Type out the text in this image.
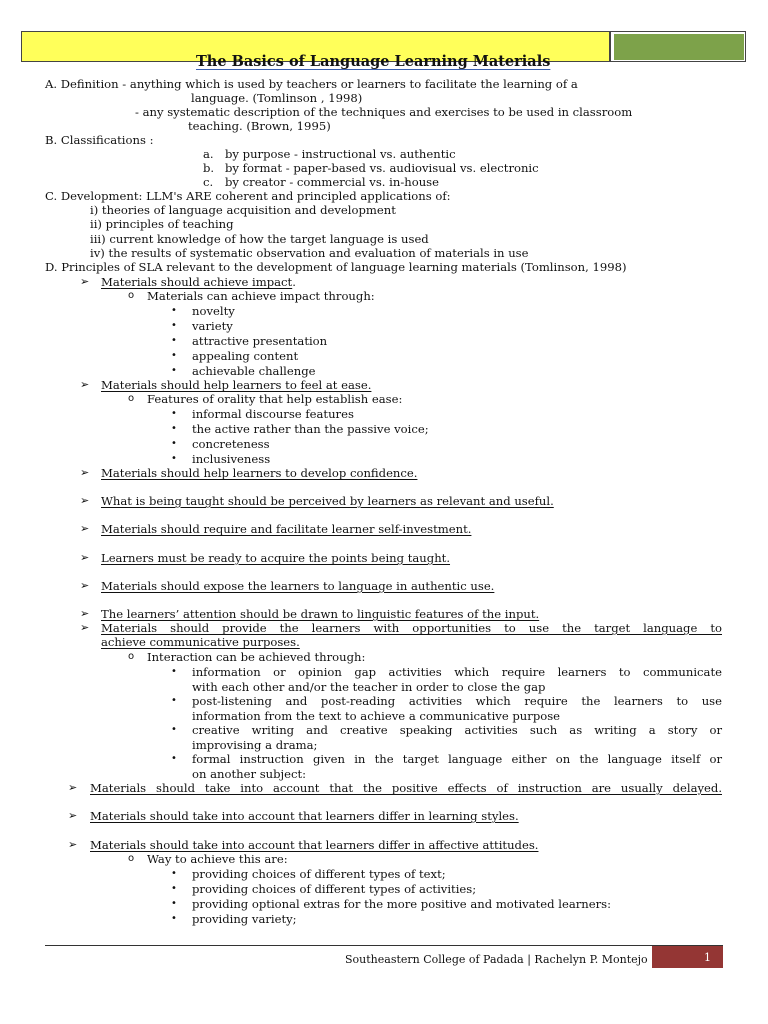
The Basics of Language Learning Materials
A. Definition - anything which is used by teachers or learners to facilitate the learning of a
language. (Tomlinson , 1998)
- any systematic description of the techniques and exercises to be used in classroom
teaching. (Brown, 1995)
B. Classifications :
a. by purpose - instructional vs. authentic
b. by format - paper-based vs. audiovisual vs. electronic
c. by creator - commercial vs. in-house
C. Development: LLM's ARE coherent and principled applications of:
i) theories of language acquisition and development
ii) principles of teaching
iii) current knowledge of how the target language is used
iv) the results of systematic observation and evaluation of materials in use
D. Principles of SLA relevant to the development of language learning materials (Tomlinson, 1998)
➢ Materials should achieve impact.
o Materials can achieve impact through:
• novelty
• variety
• attractive presentation
• appealing content
• achievable challenge
➢ Materials should help learners to feel at ease.
o Features of orality that help establish ease:
• informal discourse features
• the active rather than the passive voice;
• concreteness
• inclusiveness
➢ Materials should help learners to develop confidence.
➢ What is being taught should be perceived by learners as relevant and useful.
➢ Materials should require and facilitate learner self-investment.
➢ Learners must be ready to acquire the points being taught.
➢ Materials should expose the learners to language in authentic use.
➢ The learners’ attention should be drawn to linguistic features of the input.
➢ Materials should provide the learners with opportunities to use the target language to
achieve communicative purposes.
o Interaction can be achieved through:
• information or opinion gap activities which require learners to communicate
with each other and/or the teacher in order to close the gap
• post-listening and post-reading activities which require the learners to use
information from the text to achieve a communicative purpose
• creative writing and creative speaking activities such as writing a story or
improvising a drama;
• formal instruction given in the target language either on the language itself or
on another subject:
➢ Materials should take into account that the positive effects of instruction are usually delayed.
➢ Materials should take into account that learners differ in learning styles.
➢ Materials should take into account that learners differ in affective attitudes.
o Way to achieve this are:
• providing choices of different types of text;
• providing choices of different types of activities;
• providing optional extras for the more positive and motivated learners:
• providing variety;
Southeastern College of Padada | Rachelyn P. Montejo	1
